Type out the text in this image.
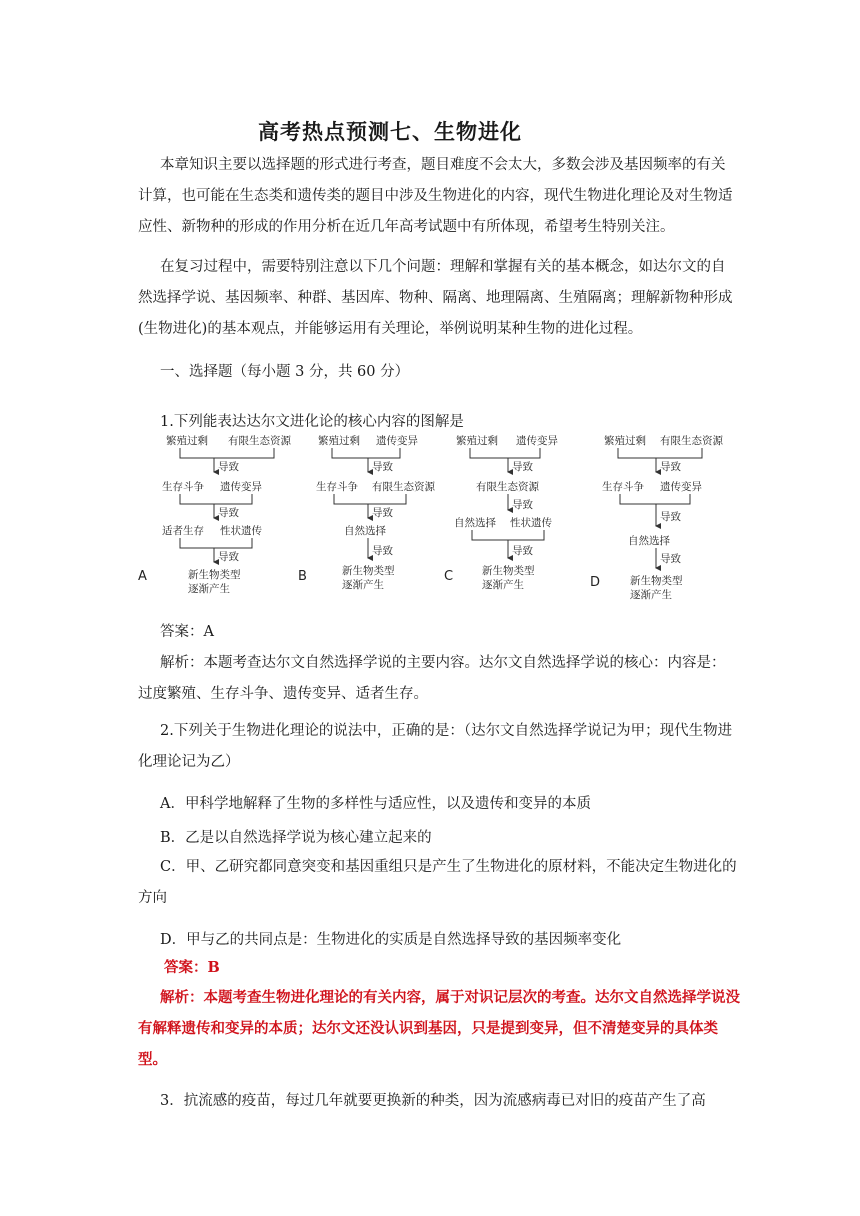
高考热点预测七、生物进化

本章知识主要以选择题的形式进行考查，题目难度不会太大，多数会涉及基因频率的有关计算，也可能在生态类和遗传类的题目中涉及生物进化的内容，现代生物进化理论及对生物适应性、新物种的形成的作用分析在近几年高考试题中有所体现，希望考生特别关注。

在复习过程中，需要特别注意以下几个问题：理解和掌握有关的基本概念，如达尔文的自然选择学说、基因频率、种群、基因库、物种、隔离、地理隔离、生殖隔离；理解新物种形成(生物进化)的基本观点，并能够运用有关理论，举例说明某种生物的进化过程。

一、选择题（每小题 3 分，共 60 分）
1.下列能表达达尔文进化论的核心内容的图解是
繁殖过剩 有限生态资源
导致
生存斗争 遗传变异
导致
适者生存 性状遗传
导致
新生物类型
逐渐产生
A
繁殖过剩 遗传变异
导致
生存斗争 有限生态资源
导致
自然选择
导致
新生物类型
逐渐产生
B
繁殖过剩 遗传变异
导致
有限生态资源
导致
自然选择 性状遗传
导致
新生物类型
逐渐产生
C
繁殖过剩 有限生态资源
导致
生存斗争 遗传变异
导致
自然选择
导致
新生物类型
逐渐产生
D
答案：A

解析：本题考查达尔文自然选择学说的主要内容。达尔文自然选择学说的核心：内容是：过度繁殖、生存斗争、遗传变异、适者生存。

2.下列关于生物进化理论的说法中，正确的是：（达尔文自然选择学说记为甲；现代生物进化理论记为乙）

A．甲科学地解释了生物的多样性与适应性，以及遗传和变异的本质
B．乙是以自然选择学说为核心建立起来的

C．甲、乙研究都同意突变和基因重组只是产生了生物进化的原材料，不能决定生物进化的方向

D．甲与乙的共同点是：生物进化的实质是自然选择导致的基因频率变化
答案：B

解析：本题考查生物进化理论的有关内容，属于对识记层次的考查。达尔文自然选择学说没有解释遗传和变异的本质；达尔文还没认识到基因，只是提到变异，但不清楚变异的具体类型。

3．抗流感的疫苗，每过几年就要更换新的种类，因为流感病毒已对旧的疫苗产生了高
